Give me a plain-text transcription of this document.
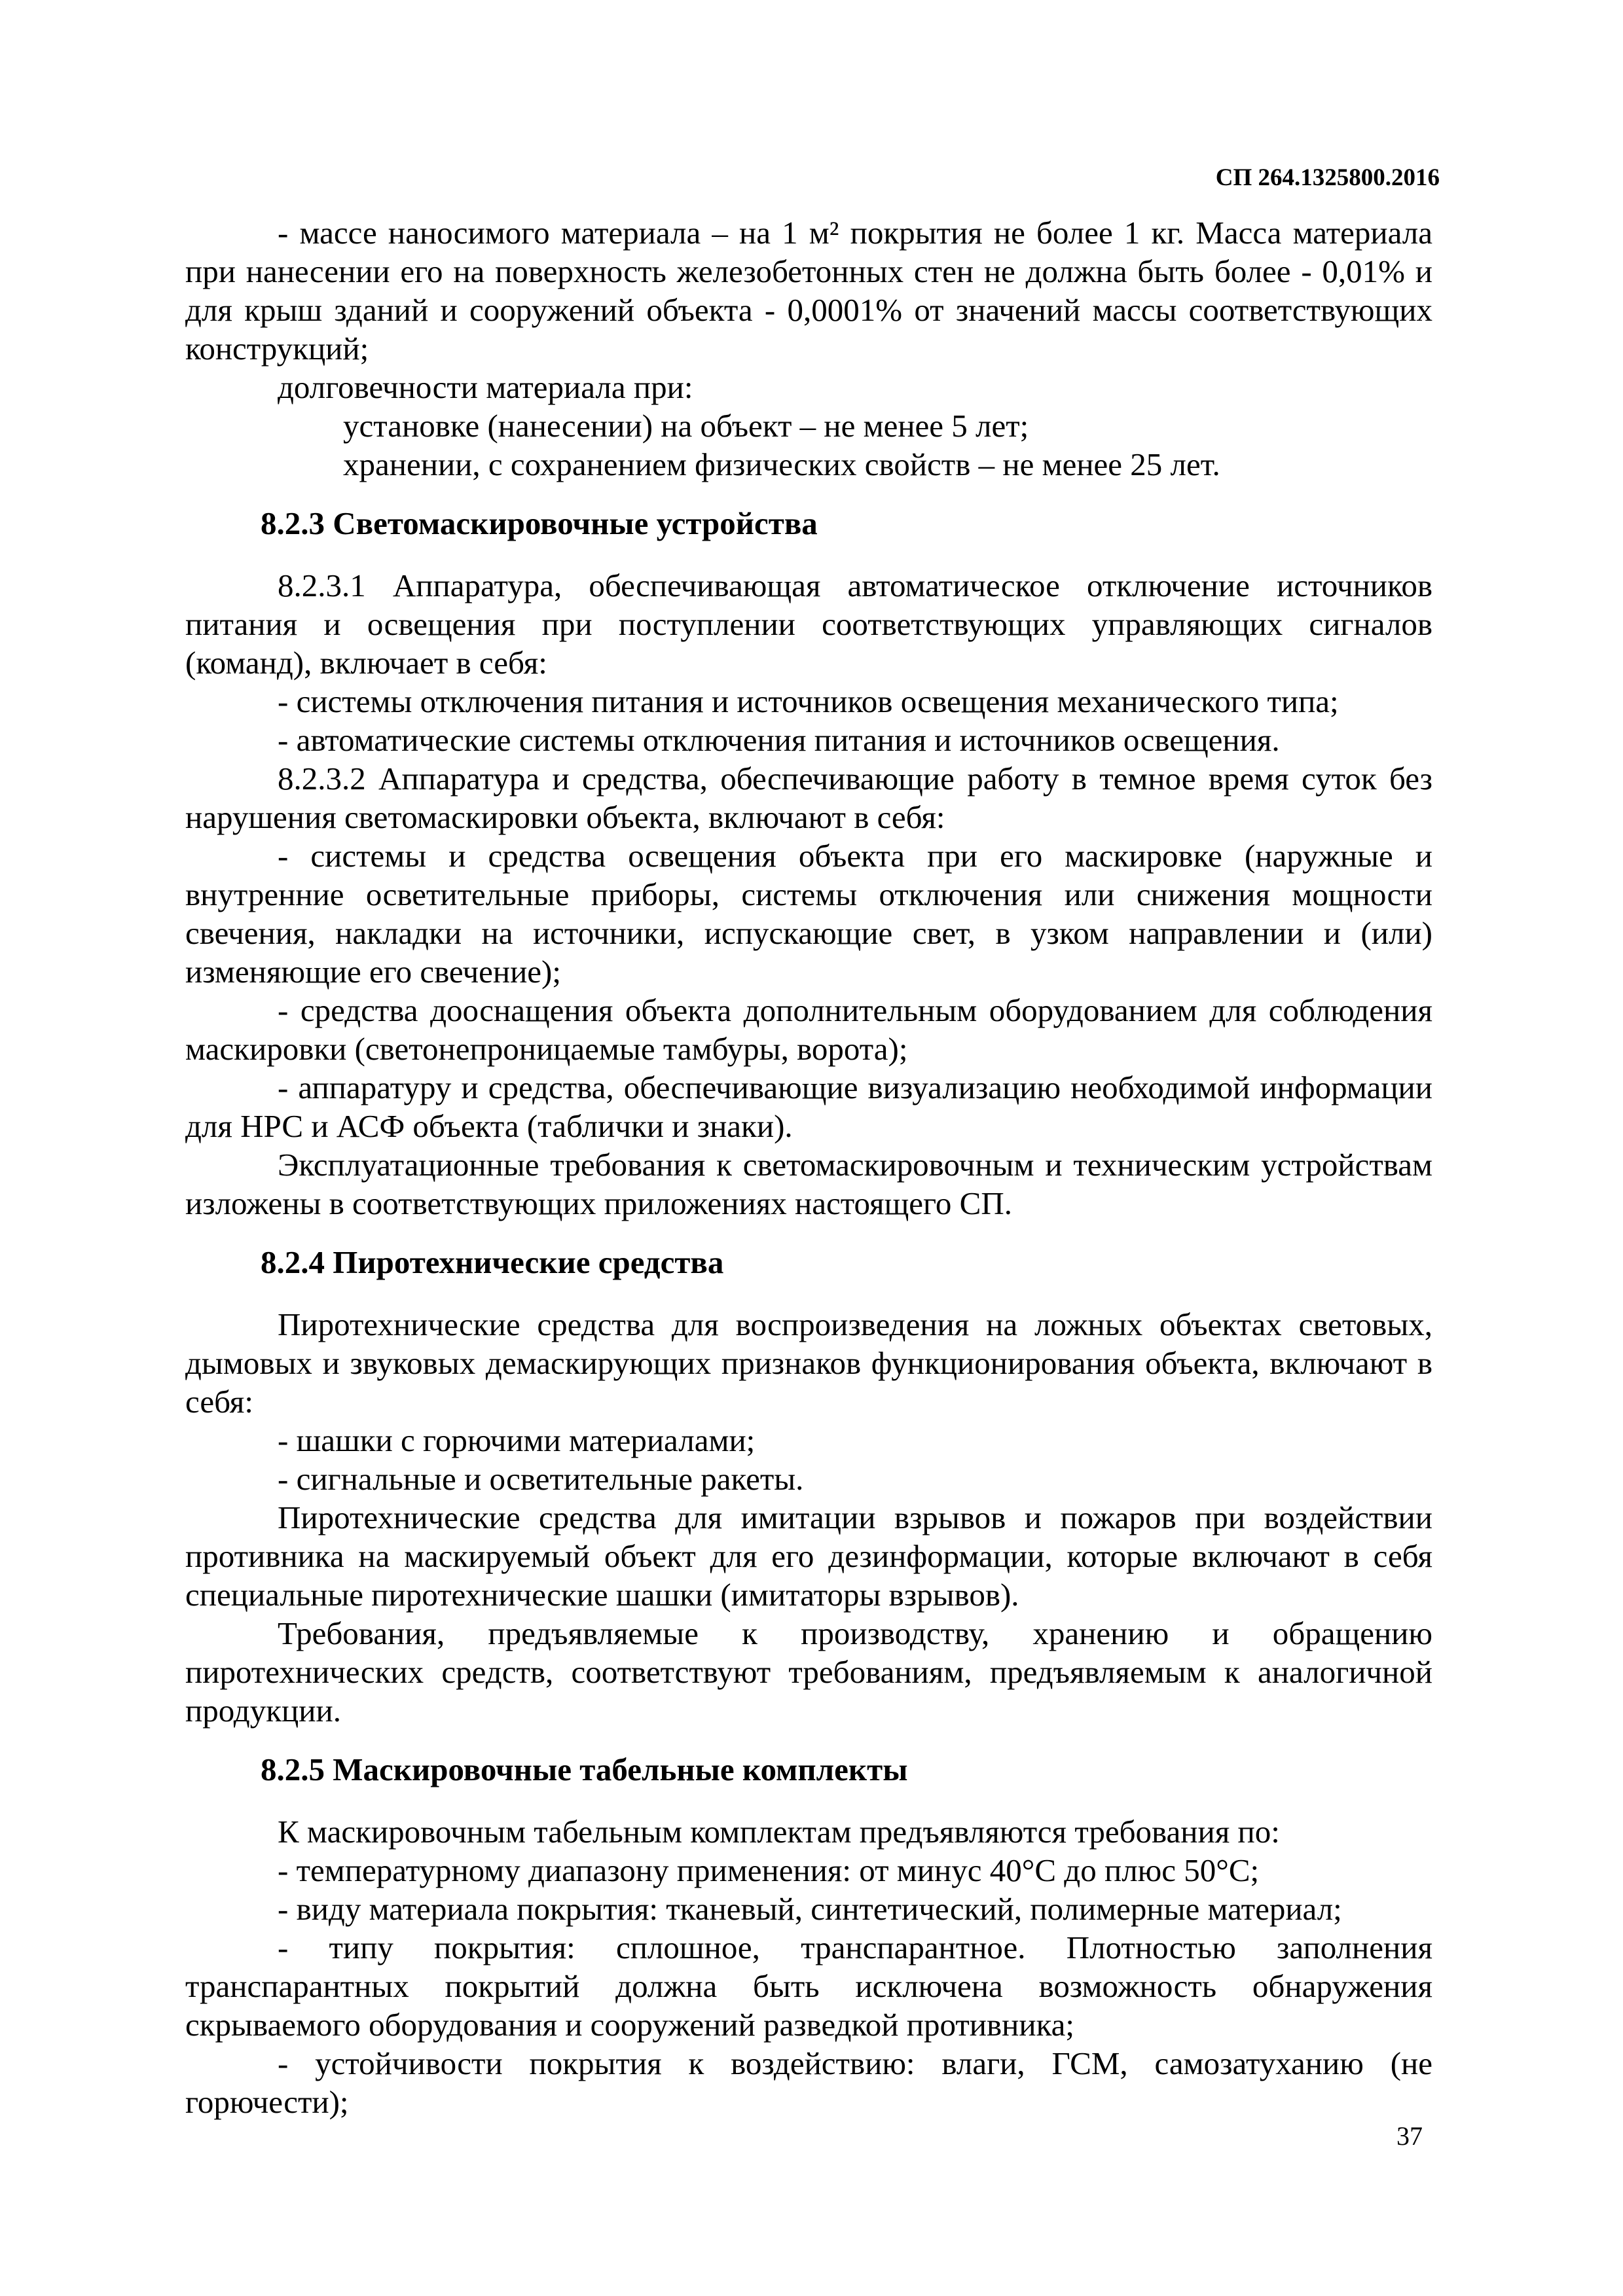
СП 264.1325800.2016

- массе наносимого материала – на 1 м² покрытия не более 1 кг. Масса материала при нанесении его на поверхность железобетонных стен не должна быть более - 0,01% и для крыш зданий и сооружений объекта - 0,0001% от значений массы соответствующих конструкций;

долговечности материала при:

установке (нанесении) на объект – не менее 5 лет;

хранении, с сохранением физических свойств – не менее 25 лет.

8.2.3 Светомаскировочные устройства

8.2.3.1 Аппаратура, обеспечивающая автоматическое отключение источников питания и освещения при поступлении соответствующих управляющих сигналов (команд), включает в себя:

- системы отключения питания и источников освещения механического типа;

- автоматические системы отключения питания и источников освещения.

8.2.3.2 Аппаратура и средства, обеспечивающие работу в темное время суток без нарушения светомаскировки объекта, включают в себя:

- системы и средства освещения объекта при его маскировке (наружные и внутренние осветительные приборы, системы отключения или снижения мощности свечения, накладки на источники, испускающие свет, в узком направлении и (или) изменяющие его свечение);

- средства дооснащения объекта дополнительным оборудованием для соблюдения маскировки (светонепроницаемые тамбуры, ворота);

- аппаратуру и средства, обеспечивающие визуализацию необходимой информации для НРС и АСФ объекта (таблички и знаки).

Эксплуатационные требования к светомаскировочным и техническим устройствам изложены в соответствующих приложениях настоящего СП.

8.2.4 Пиротехнические средства

Пиротехнические средства для воспроизведения на ложных объектах световых, дымовых и звуковых демаскирующих признаков функционирования объекта, включают в себя:

- шашки с горючими материалами;

- сигнальные и осветительные ракеты.

Пиротехнические средства для имитации взрывов и пожаров при воздействии противника на маскируемый объект для его дезинформации, которые включают в себя специальные пиротехнические шашки (имитаторы взрывов).

Требования, предъявляемые к производству, хранению и обращению пиротехнических средств, соответствуют требованиям, предъявляемым к аналогичной продукции.

8.2.5 Маскировочные табельные комплекты

К маскировочным табельным комплектам предъявляются требования по:

- температурному диапазону применения: от минус 40°С до плюс 50°С;

- виду материала покрытия: тканевый, синтетический, полимерные материал;

- типу покрытия: сплошное, транспарантное. Плотностью заполнения транспарантных покрытий должна быть исключена возможность обнаружения скрываемого оборудования и сооружений разведкой противника;

- устойчивости покрытия к воздействию: влаги, ГСМ, самозатуханию (не горючести);

37
